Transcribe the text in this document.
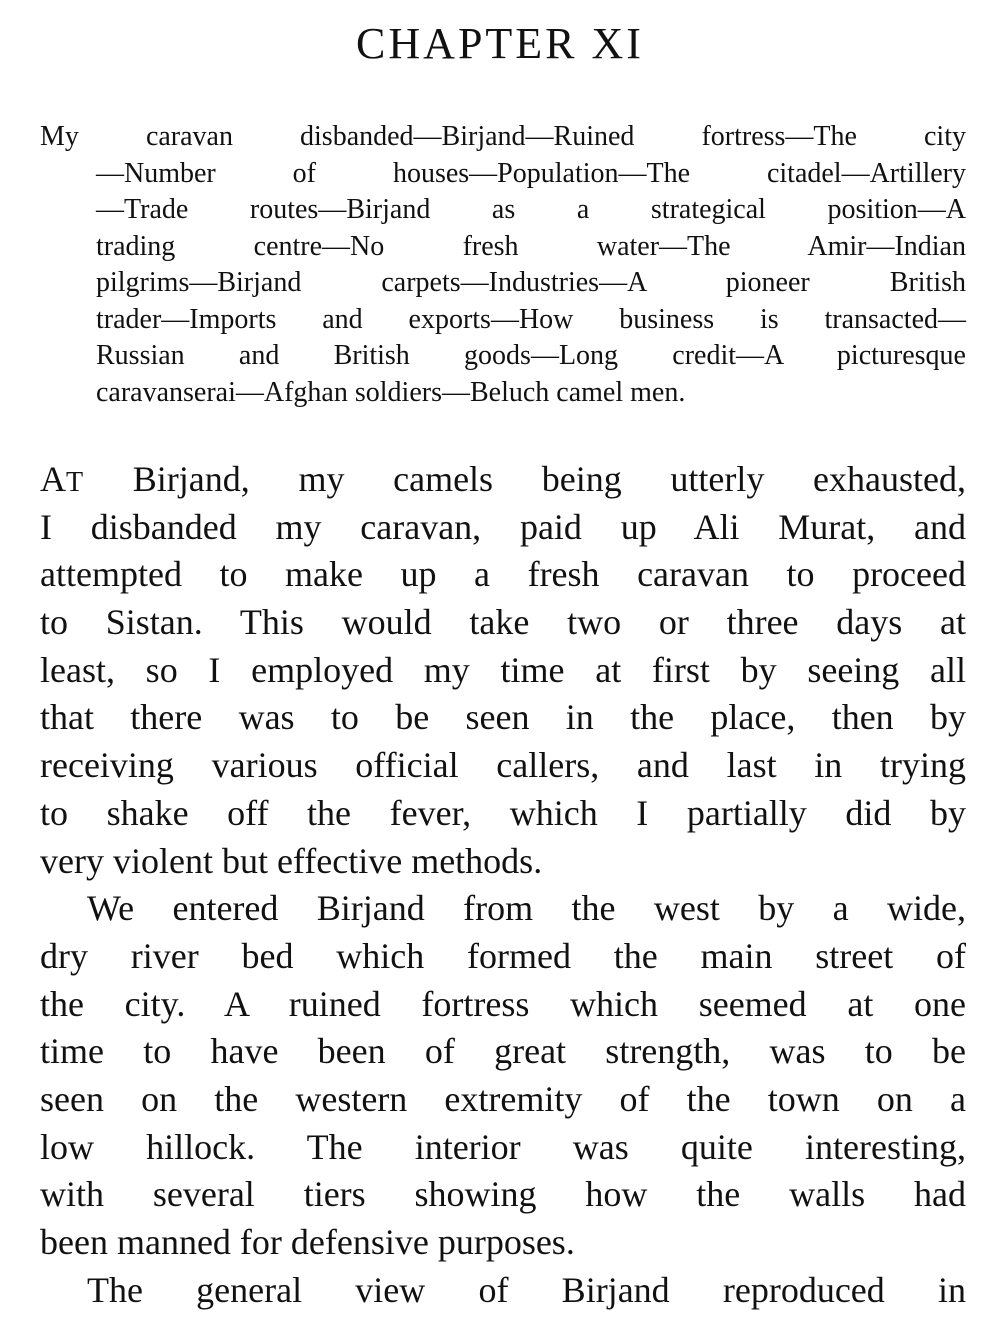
CHAPTER XI
My caravan disbanded—Birjand—Ruined fortress—The city
—Number of houses—Population—The citadel—Artillery
—Trade routes—Birjand as a strategical position—A
trading centre—No fresh water—The Amir—Indian
pilgrims—Birjand carpets—Industries—A pioneer British
trader—Imports and exports—How business is transacted—
Russian and British goods—Long credit—A picturesque
caravanserai—Afghan soldiers—Beluch camel men.
AT Birjand, my camels being utterly exhausted,
I disbanded my caravan, paid up Ali Murat, and
attempted to make up a fresh caravan to proceed
to Sistan. This would take two or three days at
least, so I employed my time at first by seeing all
that there was to be seen in the place, then by
receiving various official callers, and last in trying
to shake off the fever, which I partially did by
very violent but effective methods.
We entered Birjand from the west by a wide,
dry river bed which formed the main street of
the city. A ruined fortress which seemed at one
time to have been of great strength, was to be
seen on the western extremity of the town on a
low hillock. The interior was quite interesting,
with several tiers showing how the walls had
been manned for defensive purposes.
The general view of Birjand reproduced in
